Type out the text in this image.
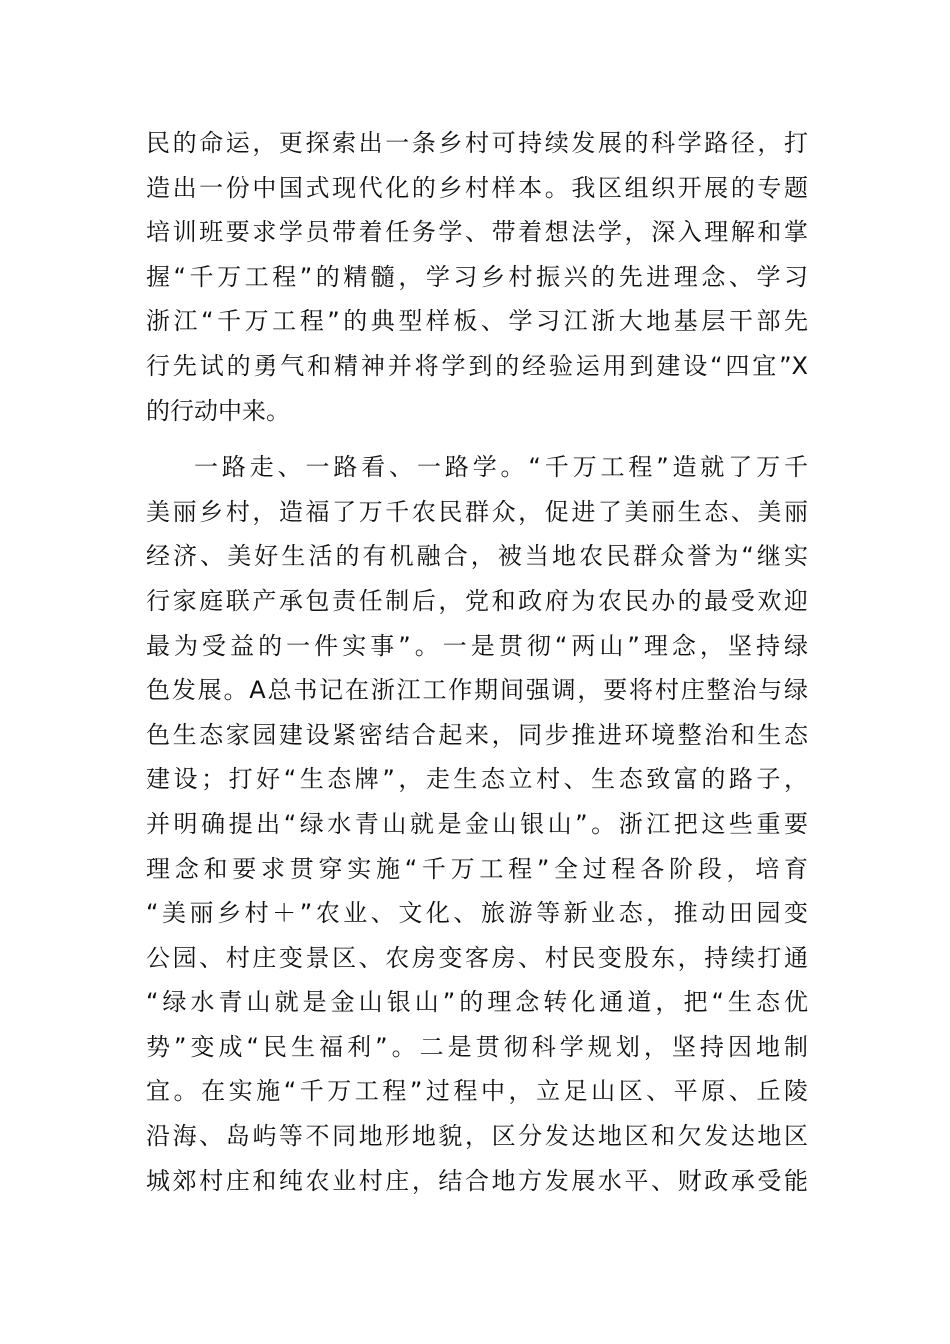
民的命运，更探索出一条乡村可持续发展的科学路径，打
造出一份中国式现代化的乡村样本。我区组织开展的专题
培训班要求学员带着任务学、带着想法学，深入理解和掌
握“千万工程”的精髓，学习乡村振兴的先进理念、学习
浙江“千万工程”的典型样板、学习江浙大地基层干部先
行先试的勇气和精神并将学到的经验运用到建设“四宜”X
的行动中来。
一路走、一路看、一路学。“千万工程”造就了万千
美丽乡村，造福了万千农民群众，促进了美丽生态、美丽
经济、美好生活的有机融合，被当地农民群众誉为“继实
行家庭联产承包责任制后，党和政府为农民办的最受欢迎
最为受益的一件实事”。一是贯彻“两山”理念，坚持绿
色发展。A总书记在浙江工作期间强调，要将村庄整治与绿
色生态家园建设紧密结合起来，同步推进环境整治和生态
建设；打好“生态牌”，走生态立村、生态致富的路子，
并明确提出“绿水青山就是金山银山”。浙江把这些重要
理念和要求贯穿实施“千万工程”全过程各阶段，培育
“美丽乡村＋”农业、文化、旅游等新业态，推动田园变
公园、村庄变景区、农房变客房、村民变股东，持续打通
“绿水青山就是金山银山”的理念转化通道，把“生态优
势”变成“民生福利”。二是贯彻科学规划，坚持因地制
宜。在实施“千万工程”过程中，立足山区、平原、丘陵
沿海、岛屿等不同地形地貌，区分发达地区和欠发达地区
城郊村庄和纯农业村庄，结合地方发展水平、财政承受能
